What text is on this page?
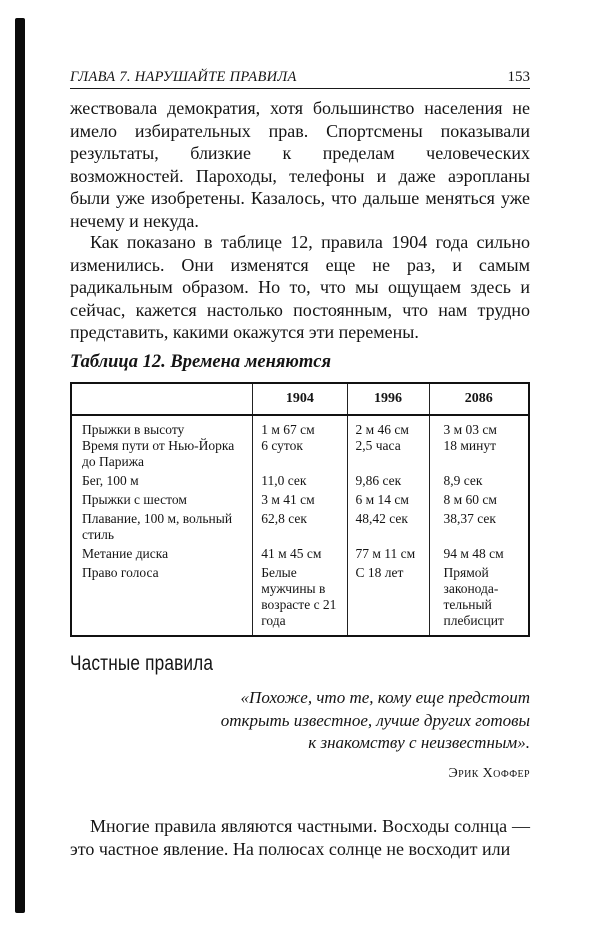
ГЛАВА 7. НАРУШАЙТЕ ПРАВИЛА	153

жествовала демократия, хотя большинство населения не имело избирательных прав. Спортсмены показывали результаты, близкие к пределам человеческих возможностей. Пароходы, телефоны и даже аэропланы были уже изобретены. Казалось, что дальше меняться уже нечему и некуда.

Как показано в таблице 12, правила 1904 года сильно изменились. Они изменятся еще не раз, и самым радикальным образом. Но то, что мы ощущаем здесь и сейчас, кажется настолько постоянным, что нам трудно представить, какими окажутся эти перемены.

Таблица 12. Времена меняются
	1904	1996	2086
Прыжки в высоту	1 м 67 см	2 м 46 см	3 м 03 см
Время пути от Нью-Йорка до Парижа	6 суток	2,5 часа	18 минут
Бег, 100 м	11,0 сек	9,86 сек	8,9 сек
Прыжки с шестом	3 м 41 см	6 м 14 см	8 м 60 см
Плавание, 100 м, вольный стиль	62,8 сек	48,42 сек	38,37 сек
Метание диска	41 м 45 см	77 м 11 см	94 м 48 см
Право голоса	Белые мужчины в возрасте с 21 года	С 18 лет	Прямой законода-тельный плебисцит
Частные правила
«Похоже, что те, кому еще предстоит
открыть известное, лучше других готовы
к знакомству с неизвестным».
Эрик Хоффер

Многие правила являются частными. Восходы солнца — это частное явление. На полюсах солнце не восходит или
